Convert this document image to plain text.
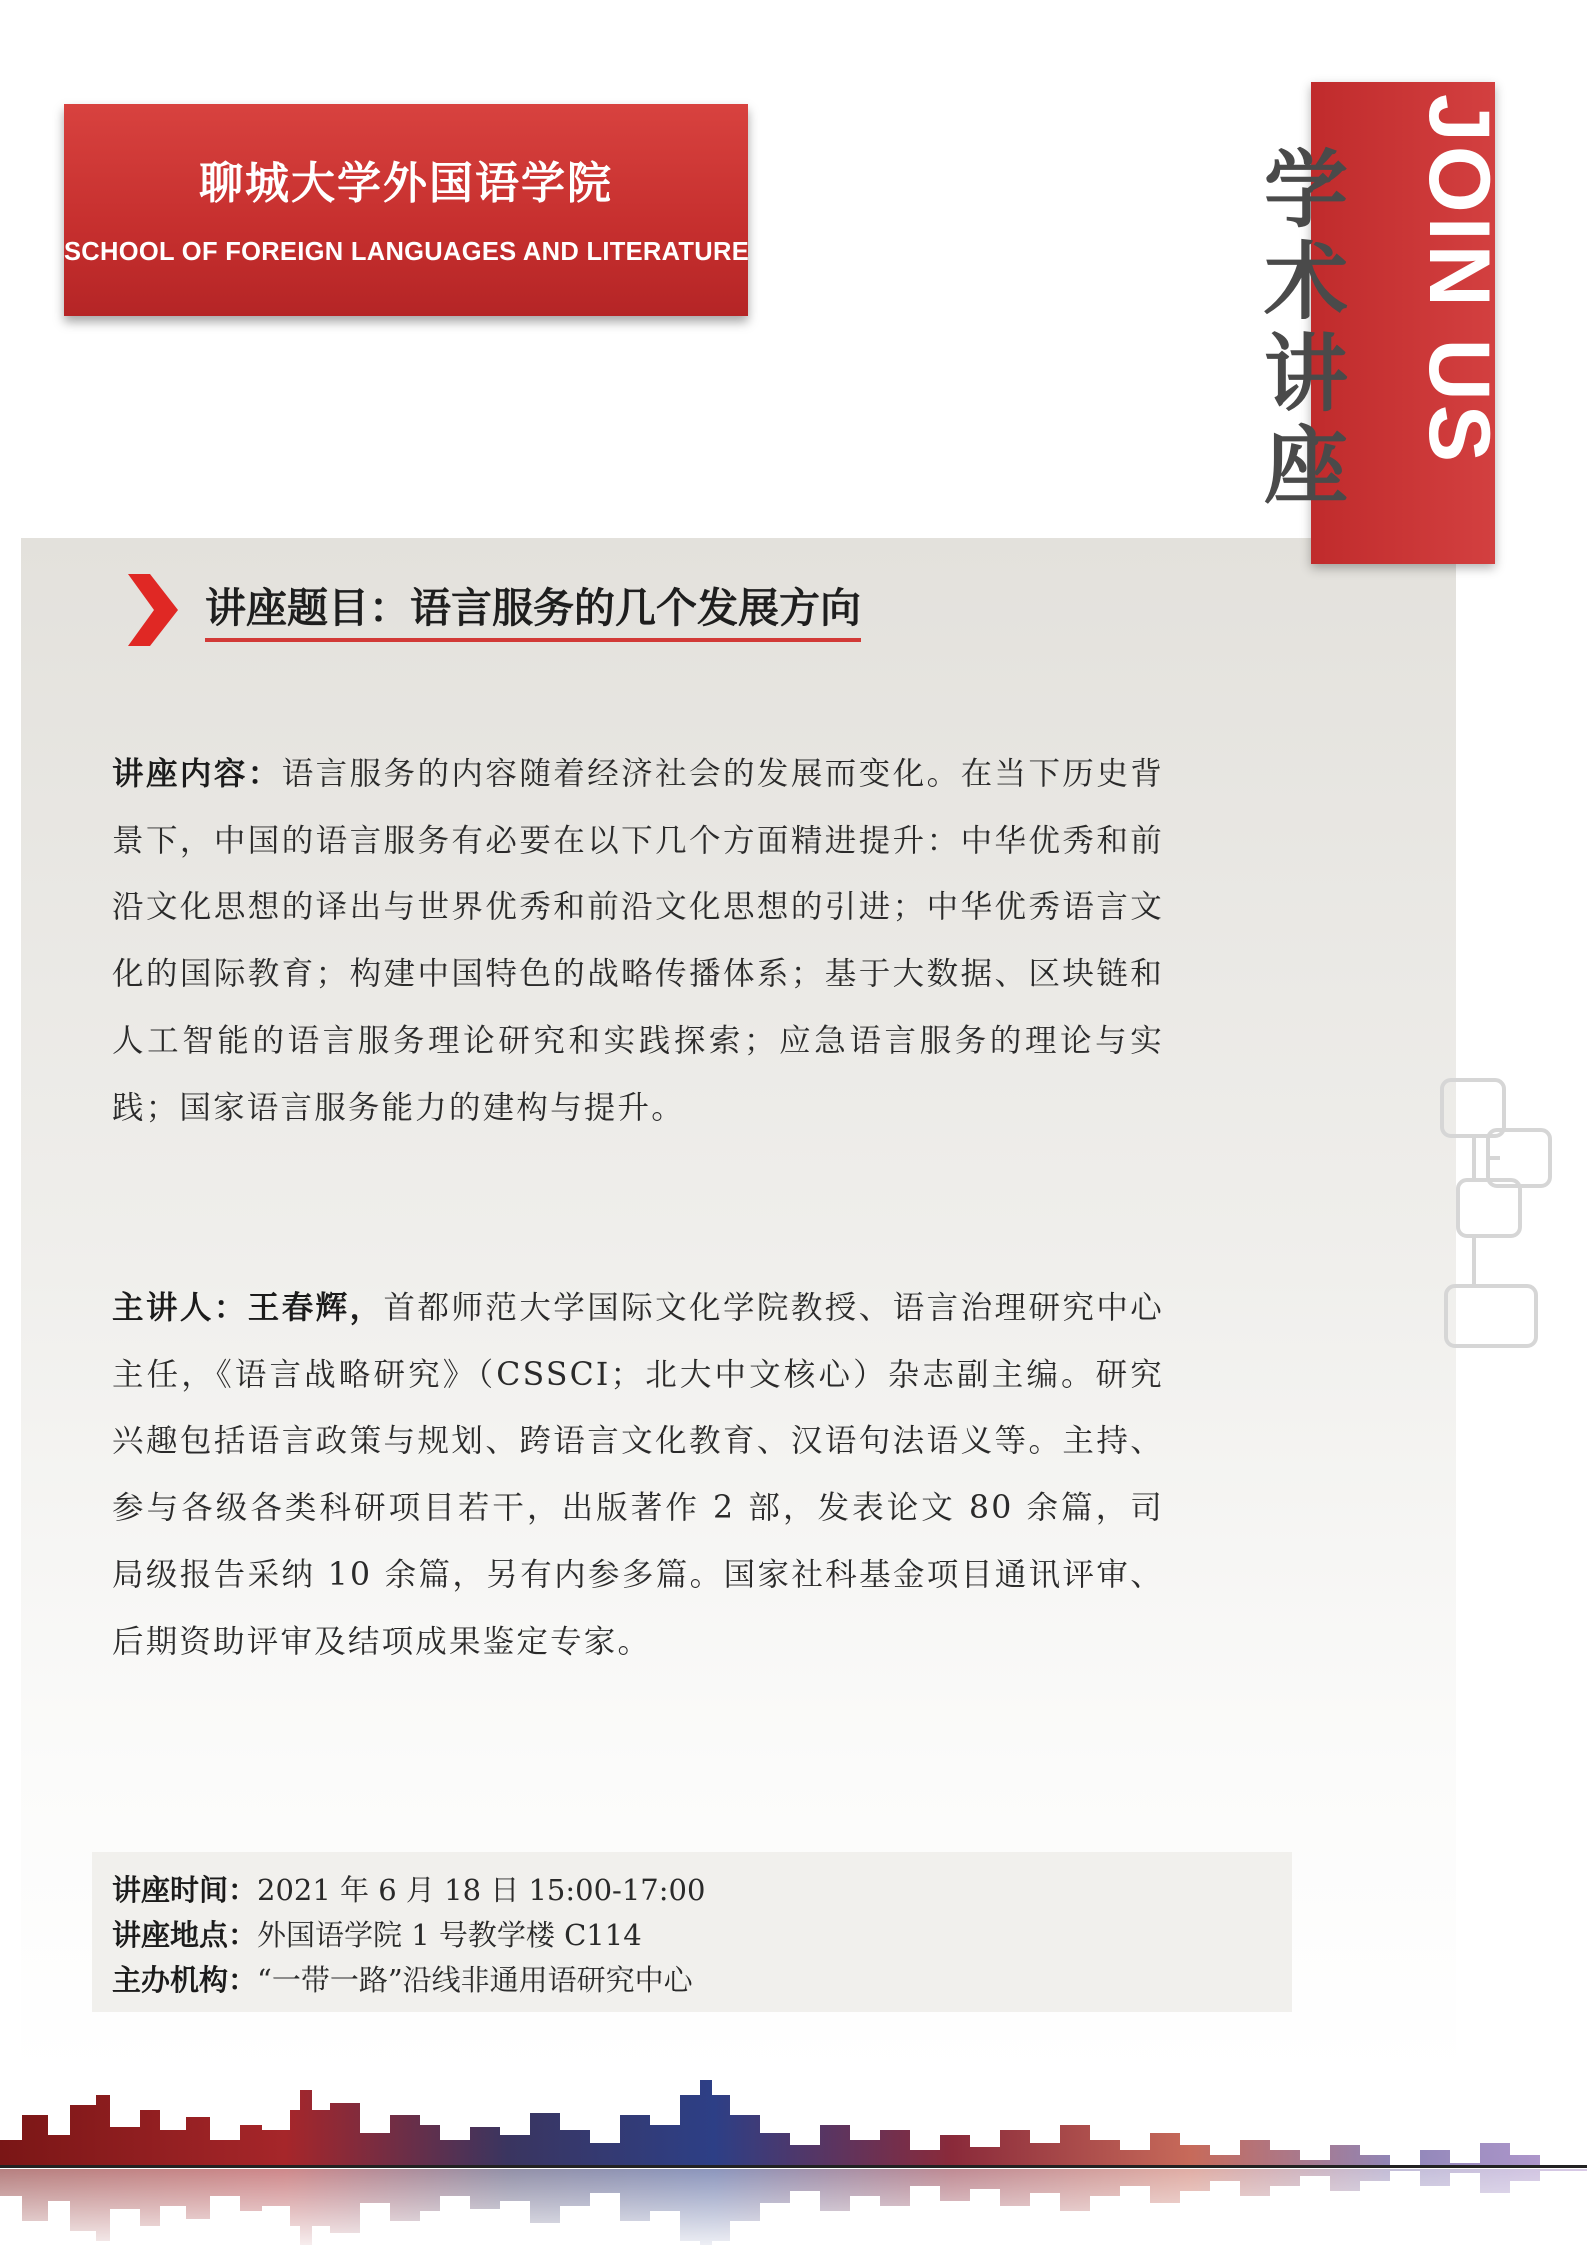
聊城大学外国语学院
SCHOOL OF FOREIGN LANGUAGES AND LITERATURE	JOIN US
学
术
讲
座
讲座题目：语言服务的几个发展方向
讲座内容：语言服务的内容随着经济社会的发展而变化。在当下历史背景下，中国的语言服务有必要在以下几个方面精进提升：中华优秀和前沿文化思想的译出与世界优秀和前沿文化思想的引进；中华优秀语言文化的国际教育；构建中国特色的战略传播体系；基于大数据、区块链和人工智能的语言服务理论研究和实践探索；应急语言服务的理论与实践；国家语言服务能力的建构与提升。
主讲人：王春辉，首都师范大学国际文化学院教授、语言治理研究中心主任，《语言战略研究》（CSSCI；北大中文核心）杂志副主编。研究兴趣包括语言政策与规划、跨语言文化教育、汉语句法语义等。主持、参与各级各类科研项目若干，出版著作 2 部，发表论文 80 余篇，司局级报告采纳 10 余篇，另有内参多篇。国家社科基金项目通讯评审、后期资助评审及结项成果鉴定专家。
讲座时间：2021 年 6 月 18 日 15:00-17:00
讲座地点：外国语学院 1 号教学楼 C114
主办机构：“一带一路”沿线非通用语研究中心
